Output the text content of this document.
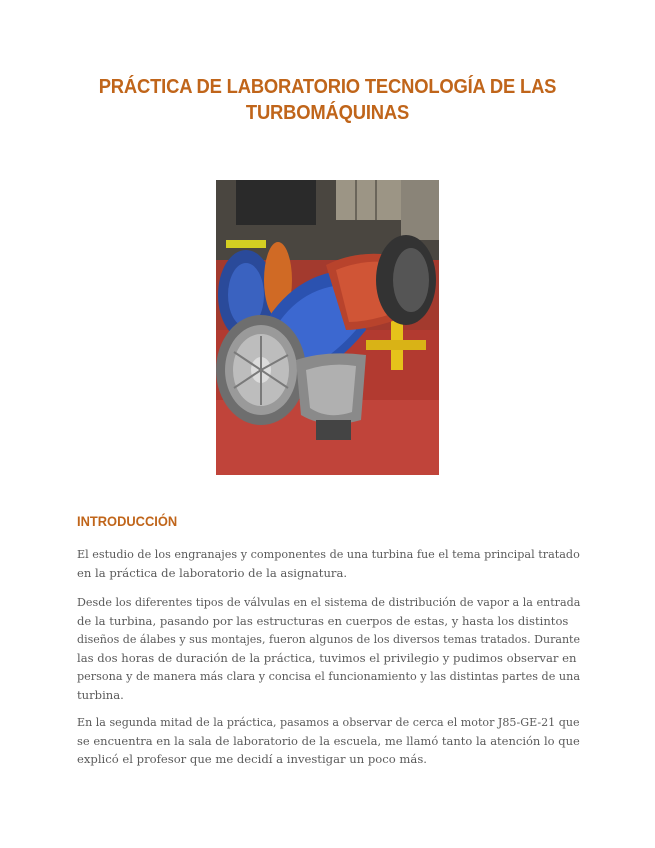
PRÁCTICA DE LABORATORIO TECNOLOGÍA DE LAS
TURBOMÁQUINAS
INTRODUCCIÓN

El estudio de los engranajes y componentes de una turbina fue el tema principal tratado
en la práctica de laboratorio de la asignatura.

Desde los diferentes tipos de válvulas en el sistema de distribución de vapor a la entrada
de la turbina, pasando por las estructuras en cuerpos de estas, y hasta los distintos
diseños de álabes y sus montajes, fueron algunos de los diversos temas tratados. Durante
las dos horas de duración de la práctica, tuvimos el privilegio y pudimos observar en
persona y de manera más clara y concisa el funcionamiento y las distintas partes de una
turbina.

En la segunda mitad de la práctica, pasamos a observar de cerca el motor J85-GE-21 que
se encuentra en la sala de laboratorio de la escuela, me llamó tanto la atención lo que
explicó el profesor que me decidí a investigar un poco más.
